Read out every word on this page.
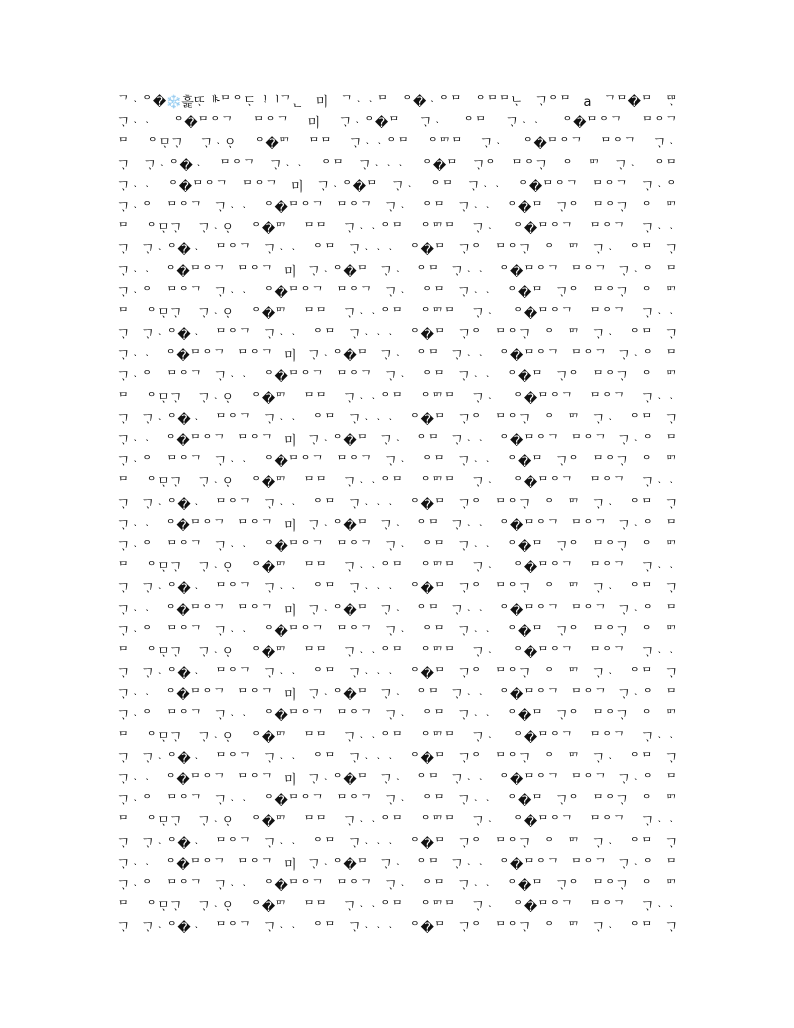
ᄀ᠋ᆞᄋ�❄️흝ᄄᆞ᠎ᆙ᠊ᄆᄋᄃᆞᆝᅵᄀᆫ 미 ᄀ᠋ᆞᆞᄆ ᄋ�ᆞᄋᄆ ᄋᄆᄆᄂᆞ ᄀᆞᄋᄆ a ᄀᄆ�ᄆ ᄃᄆᆞ
ᄀᆞᆞᆞ ᄋ�ᄆᄋᄀ ᄆᄋᄀ 미 ᄀᆞᆞᄋ�ᄆ ᄀᆞᆞ ᄋᄆ ᄀᆞᆞᆞ ᄋ�ᄆᄋᄀ ᄆᄋᄀ
ᄆ ᄋᄆᆞᄀᆞ ᄀᆞᆞᄋᆞ ᄋ�ᄆᄀ ᄆᄆ ᄀᆞᆞᆞᄋᄆ ᄋᄆᄀᄆ ᄀᆞᆞ ᄋ�ᄆᄋᄀ ᄆᄋᄀ ᄀᆞᆞ
ᄀᆞ ᄀᆞᆞᄋ�ᆞ ᄆᄋᄀ ᄀᆞᆞᆞ ᄋᄆ ᄀᆞᆞᆞᆞ ᄋ�ᄆ ᄀᆞᄋ ᄆᄋᄀᆞ ᄋ ᄆᄀ ᄀᆞᆞ ᄋᄆ
ᄀᆞᆞᆞ ᄋ�ᄆᄋᄀ ᄆᄋᄀ 미 ᄀᆞᆞᄋ�ᄆ ᄀᆞᆞ ᄋᄆ ᄀᆞᆞᆞ ᄋ�ᄆᄋᄀ ᄆᄋᄀ ᄀᆞᆞᄋ
ᄀᆞᆞᄋ ᄆᄋᄀ ᄀᆞᆞᆞ ᄋ�ᄆᄋᄀ ᄆᄋᄀ ᄀᆞᆞ ᄋᄆ ᄀᆞᆞᆞ ᄋ�ᄆ ᄀᆞᄋ ᄆᄋᄀᆞ ᄋ ᄆᄀ
ᄆ ᄋᄆᆞᄀᆞ ᄀᆞᆞᄋᆞ ᄋ�ᄆᄀ ᄆᄆ ᄀᆞᆞᆞᄋᄆ ᄋᄆᄀᄆ ᄀᆞᆞ ᄋ�ᄆᄋᄀ ᄆᄋᄀ ᄀᆞᆞᆞ
ᄀᆞ ᄀᆞᆞᄋ�ᆞ ᄆᄋᄀ ᄀᆞᆞᆞ ᄋᄆ ᄀᆞᆞᆞᆞ ᄋ�ᄆ ᄀᆞᄋ ᄆᄋᄀᆞ ᄋ ᄆᄀ ᄀᆞᆞ ᄋᄆ ᄀᆞ
ᄀᆞᆞᆞ ᄋ�ᄆᄋᄀ ᄆᄋᄀ 미 ᄀᆞᆞᄋ�ᄆ ᄀᆞᆞ ᄋᄆ ᄀᆞᆞᆞ ᄋ�ᄆᄋᄀ ᄆᄋᄀ ᄀᆞᆞᄋ ᄆ
ᄀᆞᆞᄋ ᄆᄋᄀ ᄀᆞᆞᆞ ᄋ�ᄆᄋᄀ ᄆᄋᄀ ᄀᆞᆞ ᄋᄆ ᄀᆞᆞᆞ ᄋ�ᄆ ᄀᆞᄋ ᄆᄋᄀᆞ ᄋ ᄆᄀ
ᄆ ᄋᄆᆞᄀᆞ ᄀᆞᆞᄋᆞ ᄋ�ᄆᄀ ᄆᄆ ᄀᆞᆞᆞᄋᄆ ᄋᄆᄀᄆ ᄀᆞᆞ ᄋ�ᄆᄋᄀ ᄆᄋᄀ ᄀᆞᆞᆞ
ᄀᆞ ᄀᆞᆞᄋ�ᆞ ᄆᄋᄀ ᄀᆞᆞᆞ ᄋᄆ ᄀᆞᆞᆞᆞ ᄋ�ᄆ ᄀᆞᄋ ᄆᄋᄀᆞ ᄋ ᄆᄀ ᄀᆞᆞ ᄋᄆ ᄀᆞ
ᄀᆞᆞᆞ ᄋ�ᄆᄋᄀ ᄆᄋᄀ 미 ᄀᆞᆞᄋ�ᄆ ᄀᆞᆞ ᄋᄆ ᄀᆞᆞᆞ ᄋ�ᄆᄋᄀ ᄆᄋᄀ ᄀᆞᆞᄋ ᄆ
ᄀᆞᆞᄋ ᄆᄋᄀ ᄀᆞᆞᆞ ᄋ�ᄆᄋᄀ ᄆᄋᄀ ᄀᆞᆞ ᄋᄆ ᄀᆞᆞᆞ ᄋ�ᄆ ᄀᆞᄋ ᄆᄋᄀᆞ ᄋ ᄆᄀ
ᄆ ᄋᄆᆞᄀᆞ ᄀᆞᆞᄋᆞ ᄋ�ᄆᄀ ᄆᄆ ᄀᆞᆞᆞᄋᄆ ᄋᄆᄀᄆ ᄀᆞᆞ ᄋ�ᄆᄋᄀ ᄆᄋᄀ ᄀᆞᆞᆞ
ᄀᆞ ᄀᆞᆞᄋ�ᆞ ᄆᄋᄀ ᄀᆞᆞᆞ ᄋᄆ ᄀᆞᆞᆞᆞ ᄋ�ᄆ ᄀᆞᄋ ᄆᄋᄀᆞ ᄋ ᄆᄀ ᄀᆞᆞ ᄋᄆ ᄀᆞ
ᄀᆞᆞᆞ ᄋ�ᄆᄋᄀ ᄆᄋᄀ 미 ᄀᆞᆞᄋ�ᄆ ᄀᆞᆞ ᄋᄆ ᄀᆞᆞᆞ ᄋ�ᄆᄋᄀ ᄆᄋᄀ ᄀᆞᆞᄋ ᄆ
ᄀᆞᆞᄋ ᄆᄋᄀ ᄀᆞᆞᆞ ᄋ�ᄆᄋᄀ ᄆᄋᄀ ᄀᆞᆞ ᄋᄆ ᄀᆞᆞᆞ ᄋ�ᄆ ᄀᆞᄋ ᄆᄋᄀᆞ ᄋ ᄆᄀ
ᄆ ᄋᄆᆞᄀᆞ ᄀᆞᆞᄋᆞ ᄋ�ᄆᄀ ᄆᄆ ᄀᆞᆞᆞᄋᄆ ᄋᄆᄀᄆ ᄀᆞᆞ ᄋ�ᄆᄋᄀ ᄆᄋᄀ ᄀᆞᆞᆞ
ᄀᆞ ᄀᆞᆞᄋ�ᆞ ᄆᄋᄀ ᄀᆞᆞᆞ ᄋᄆ ᄀᆞᆞᆞᆞ ᄋ�ᄆ ᄀᆞᄋ ᄆᄋᄀᆞ ᄋ ᄆᄀ ᄀᆞᆞ ᄋᄆ ᄀᆞ
ᄀᆞᆞᆞ ᄋ�ᄆᄋᄀ ᄆᄋᄀ 미 ᄀᆞᆞᄋ�ᄆ ᄀᆞᆞ ᄋᄆ ᄀᆞᆞᆞ ᄋ�ᄆᄋᄀ ᄆᄋᄀ ᄀᆞᆞᄋ ᄆ
ᄀᆞᆞᄋ ᄆᄋᄀ ᄀᆞᆞᆞ ᄋ�ᄆᄋᄀ ᄆᄋᄀ ᄀᆞᆞ ᄋᄆ ᄀᆞᆞᆞ ᄋ�ᄆ ᄀᆞᄋ ᄆᄋᄀᆞ ᄋ ᄆᄀ
ᄆ ᄋᄆᆞᄀᆞ ᄀᆞᆞᄋᆞ ᄋ�ᄆᄀ ᄆᄆ ᄀᆞᆞᆞᄋᄆ ᄋᄆᄀᄆ ᄀᆞᆞ ᄋ�ᄆᄋᄀ ᄆᄋᄀ ᄀᆞᆞᆞ
ᄀᆞ ᄀᆞᆞᄋ�ᆞ ᄆᄋᄀ ᄀᆞᆞᆞ ᄋᄆ ᄀᆞᆞᆞᆞ ᄋ�ᄆ ᄀᆞᄋ ᄆᄋᄀᆞ ᄋ ᄆᄀ ᄀᆞᆞ ᄋᄆ ᄀᆞ
ᄀᆞᆞᆞ ᄋ�ᄆᄋᄀ ᄆᄋᄀ 미 ᄀᆞᆞᄋ�ᄆ ᄀᆞᆞ ᄋᄆ ᄀᆞᆞᆞ ᄋ�ᄆᄋᄀ ᄆᄋᄀ ᄀᆞᆞᄋ ᄆ
ᄀᆞᆞᄋ ᄆᄋᄀ ᄀᆞᆞᆞ ᄋ�ᄆᄋᄀ ᄆᄋᄀ ᄀᆞᆞ ᄋᄆ ᄀᆞᆞᆞ ᄋ�ᄆ ᄀᆞᄋ ᄆᄋᄀᆞ ᄋ ᄆᄀ
ᄆ ᄋᄆᆞᄀᆞ ᄀᆞᆞᄋᆞ ᄋ�ᄆᄀ ᄆᄆ ᄀᆞᆞᆞᄋᄆ ᄋᄆᄀᄆ ᄀᆞᆞ ᄋ�ᄆᄋᄀ ᄆᄋᄀ ᄀᆞᆞᆞ
ᄀᆞ ᄀᆞᆞᄋ�ᆞ ᄆᄋᄀ ᄀᆞᆞᆞ ᄋᄆ ᄀᆞᆞᆞᆞ ᄋ�ᄆ ᄀᆞᄋ ᄆᄋᄀᆞ ᄋ ᄆᄀ ᄀᆞᆞ ᄋᄆ ᄀᆞ
ᄀᆞᆞᆞ ᄋ�ᄆᄋᄀ ᄆᄋᄀ 미 ᄀᆞᆞᄋ�ᄆ ᄀᆞᆞ ᄋᄆ ᄀᆞᆞᆞ ᄋ�ᄆᄋᄀ ᄆᄋᄀ ᄀᆞᆞᄋ ᄆ
ᄀᆞᆞᄋ ᄆᄋᄀ ᄀᆞᆞᆞ ᄋ�ᄆᄋᄀ ᄆᄋᄀ ᄀᆞᆞ ᄋᄆ ᄀᆞᆞᆞ ᄋ�ᄆ ᄀᆞᄋ ᄆᄋᄀᆞ ᄋ ᄆᄀ
ᄆ ᄋᄆᆞᄀᆞ ᄀᆞᆞᄋᆞ ᄋ�ᄆᄀ ᄆᄆ ᄀᆞᆞᆞᄋᄆ ᄋᄆᄀᄆ ᄀᆞᆞ ᄋ�ᄆᄋᄀ ᄆᄋᄀ ᄀᆞᆞᆞ
ᄀᆞ ᄀᆞᆞᄋ�ᆞ ᄆᄋᄀ ᄀᆞᆞᆞ ᄋᄆ ᄀᆞᆞᆞᆞ ᄋ�ᄆ ᄀᆞᄋ ᄆᄋᄀᆞ ᄋ ᄆᄀ ᄀᆞᆞ ᄋᄆ ᄀᆞ
ᄀᆞᆞᆞ ᄋ�ᄆᄋᄀ ᄆᄋᄀ 미 ᄀᆞᆞᄋ�ᄆ ᄀᆞᆞ ᄋᄆ ᄀᆞᆞᆞ ᄋ�ᄆᄋᄀ ᄆᄋᄀ ᄀᆞᆞᄋ ᄆ
ᄀᆞᆞᄋ ᄆᄋᄀ ᄀᆞᆞᆞ ᄋ�ᄆᄋᄀ ᄆᄋᄀ ᄀᆞᆞ ᄋᄆ ᄀᆞᆞᆞ ᄋ�ᄆ ᄀᆞᄋ ᄆᄋᄀᆞ ᄋ ᄆᄀ
ᄆ ᄋᄆᆞᄀᆞ ᄀᆞᆞᄋᆞ ᄋ�ᄆᄀ ᄆᄆ ᄀᆞᆞᆞᄋᄆ ᄋᄆᄀᄆ ᄀᆞᆞ ᄋ�ᄆᄋᄀ ᄆᄋᄀ ᄀᆞᆞᆞ
ᄀᆞ ᄀᆞᆞᄋ�ᆞ ᄆᄋᄀ ᄀᆞᆞᆞ ᄋᄆ ᄀᆞᆞᆞᆞ ᄋ�ᄆ ᄀᆞᄋ ᄆᄋᄀᆞ ᄋ ᄆᄀ ᄀᆞᆞ ᄋᄆ ᄀᆞ
ᄀᆞᆞᆞ ᄋ�ᄆᄋᄀ ᄆᄋᄀ 미 ᄀᆞᆞᄋ�ᄆ ᄀᆞᆞ ᄋᄆ ᄀᆞᆞᆞ ᄋ�ᄆᄋᄀ ᄆᄋᄀ ᄀᆞᆞᄋ ᄆ
ᄀᆞᆞᄋ ᄆᄋᄀ ᄀᆞᆞᆞ ᄋ�ᄆᄋᄀ ᄆᄋᄀ ᄀᆞᆞ ᄋᄆ ᄀᆞᆞᆞ ᄋ�ᄆ ᄀᆞᄋ ᄆᄋᄀᆞ ᄋ ᄆᄀ
ᄆ ᄋᄆᆞᄀᆞ ᄀᆞᆞᄋᆞ ᄋ�ᄆᄀ ᄆᄆ ᄀᆞᆞᆞᄋᄆ ᄋᄆᄀᄆ ᄀᆞᆞ ᄋ�ᄆᄋᄀ ᄆᄋᄀ ᄀᆞᆞᆞ
ᄀᆞ ᄀᆞᆞᄋ�ᆞ ᄆᄋᄀ ᄀᆞᆞᆞ ᄋᄆ ᄀᆞᆞᆞᆞ ᄋ�ᄆ ᄀᆞᄋ ᄆᄋᄀᆞ ᄋ ᄆᄀ ᄀᆞᆞ ᄋᄆ ᄀᆞ
